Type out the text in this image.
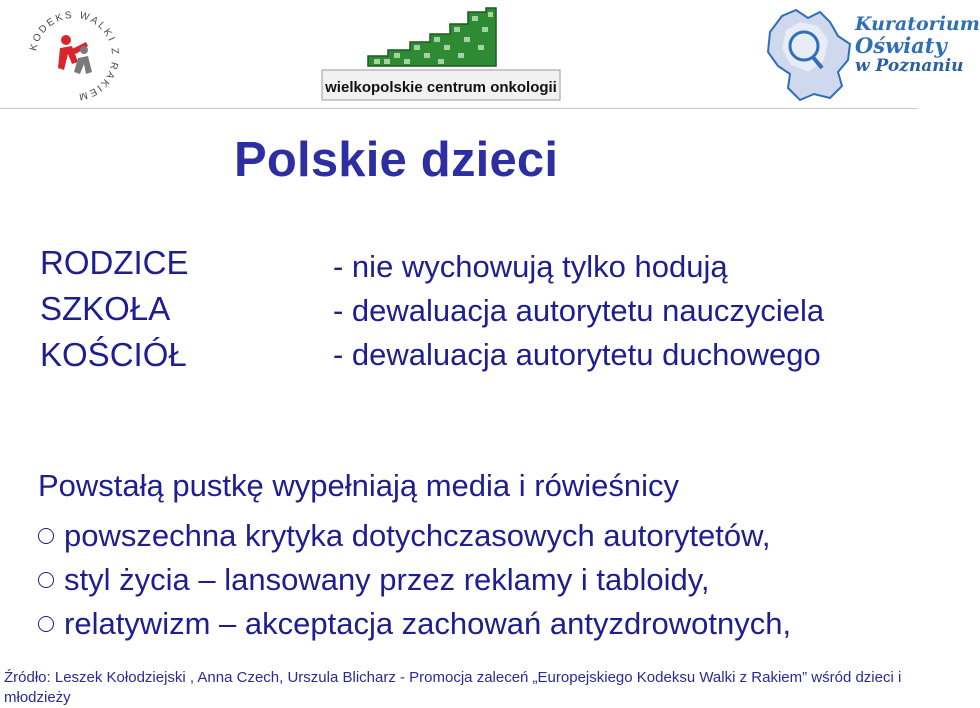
KODEKS WALKI Z RAKIEM	wielkopolskie centrum onkologii
Kuratorium
Oświaty
w Poznaniu
Polskie dzieci
RODZICE
SZKOŁA
KOŚCIÓŁ
- nie wychowują tylko hodują
- dewaluacja autorytetu nauczyciela
- dewaluacja autorytetu duchowego
Powstałą pustkę wypełniają media i rówieśnicy
powszechna krytyka dotychczasowych autorytetów,
styl życia – lansowany przez reklamy i tabloidy,
relatywizm – akceptacja zachowań antyzdrowotnych,
Źródło: Leszek Kołodziejski , Anna Czech, Urszula Blicharz - Promocja zaleceń „Europejskiego Kodeksu Walki z Rakiem” wśród dzieci i młodzieży
